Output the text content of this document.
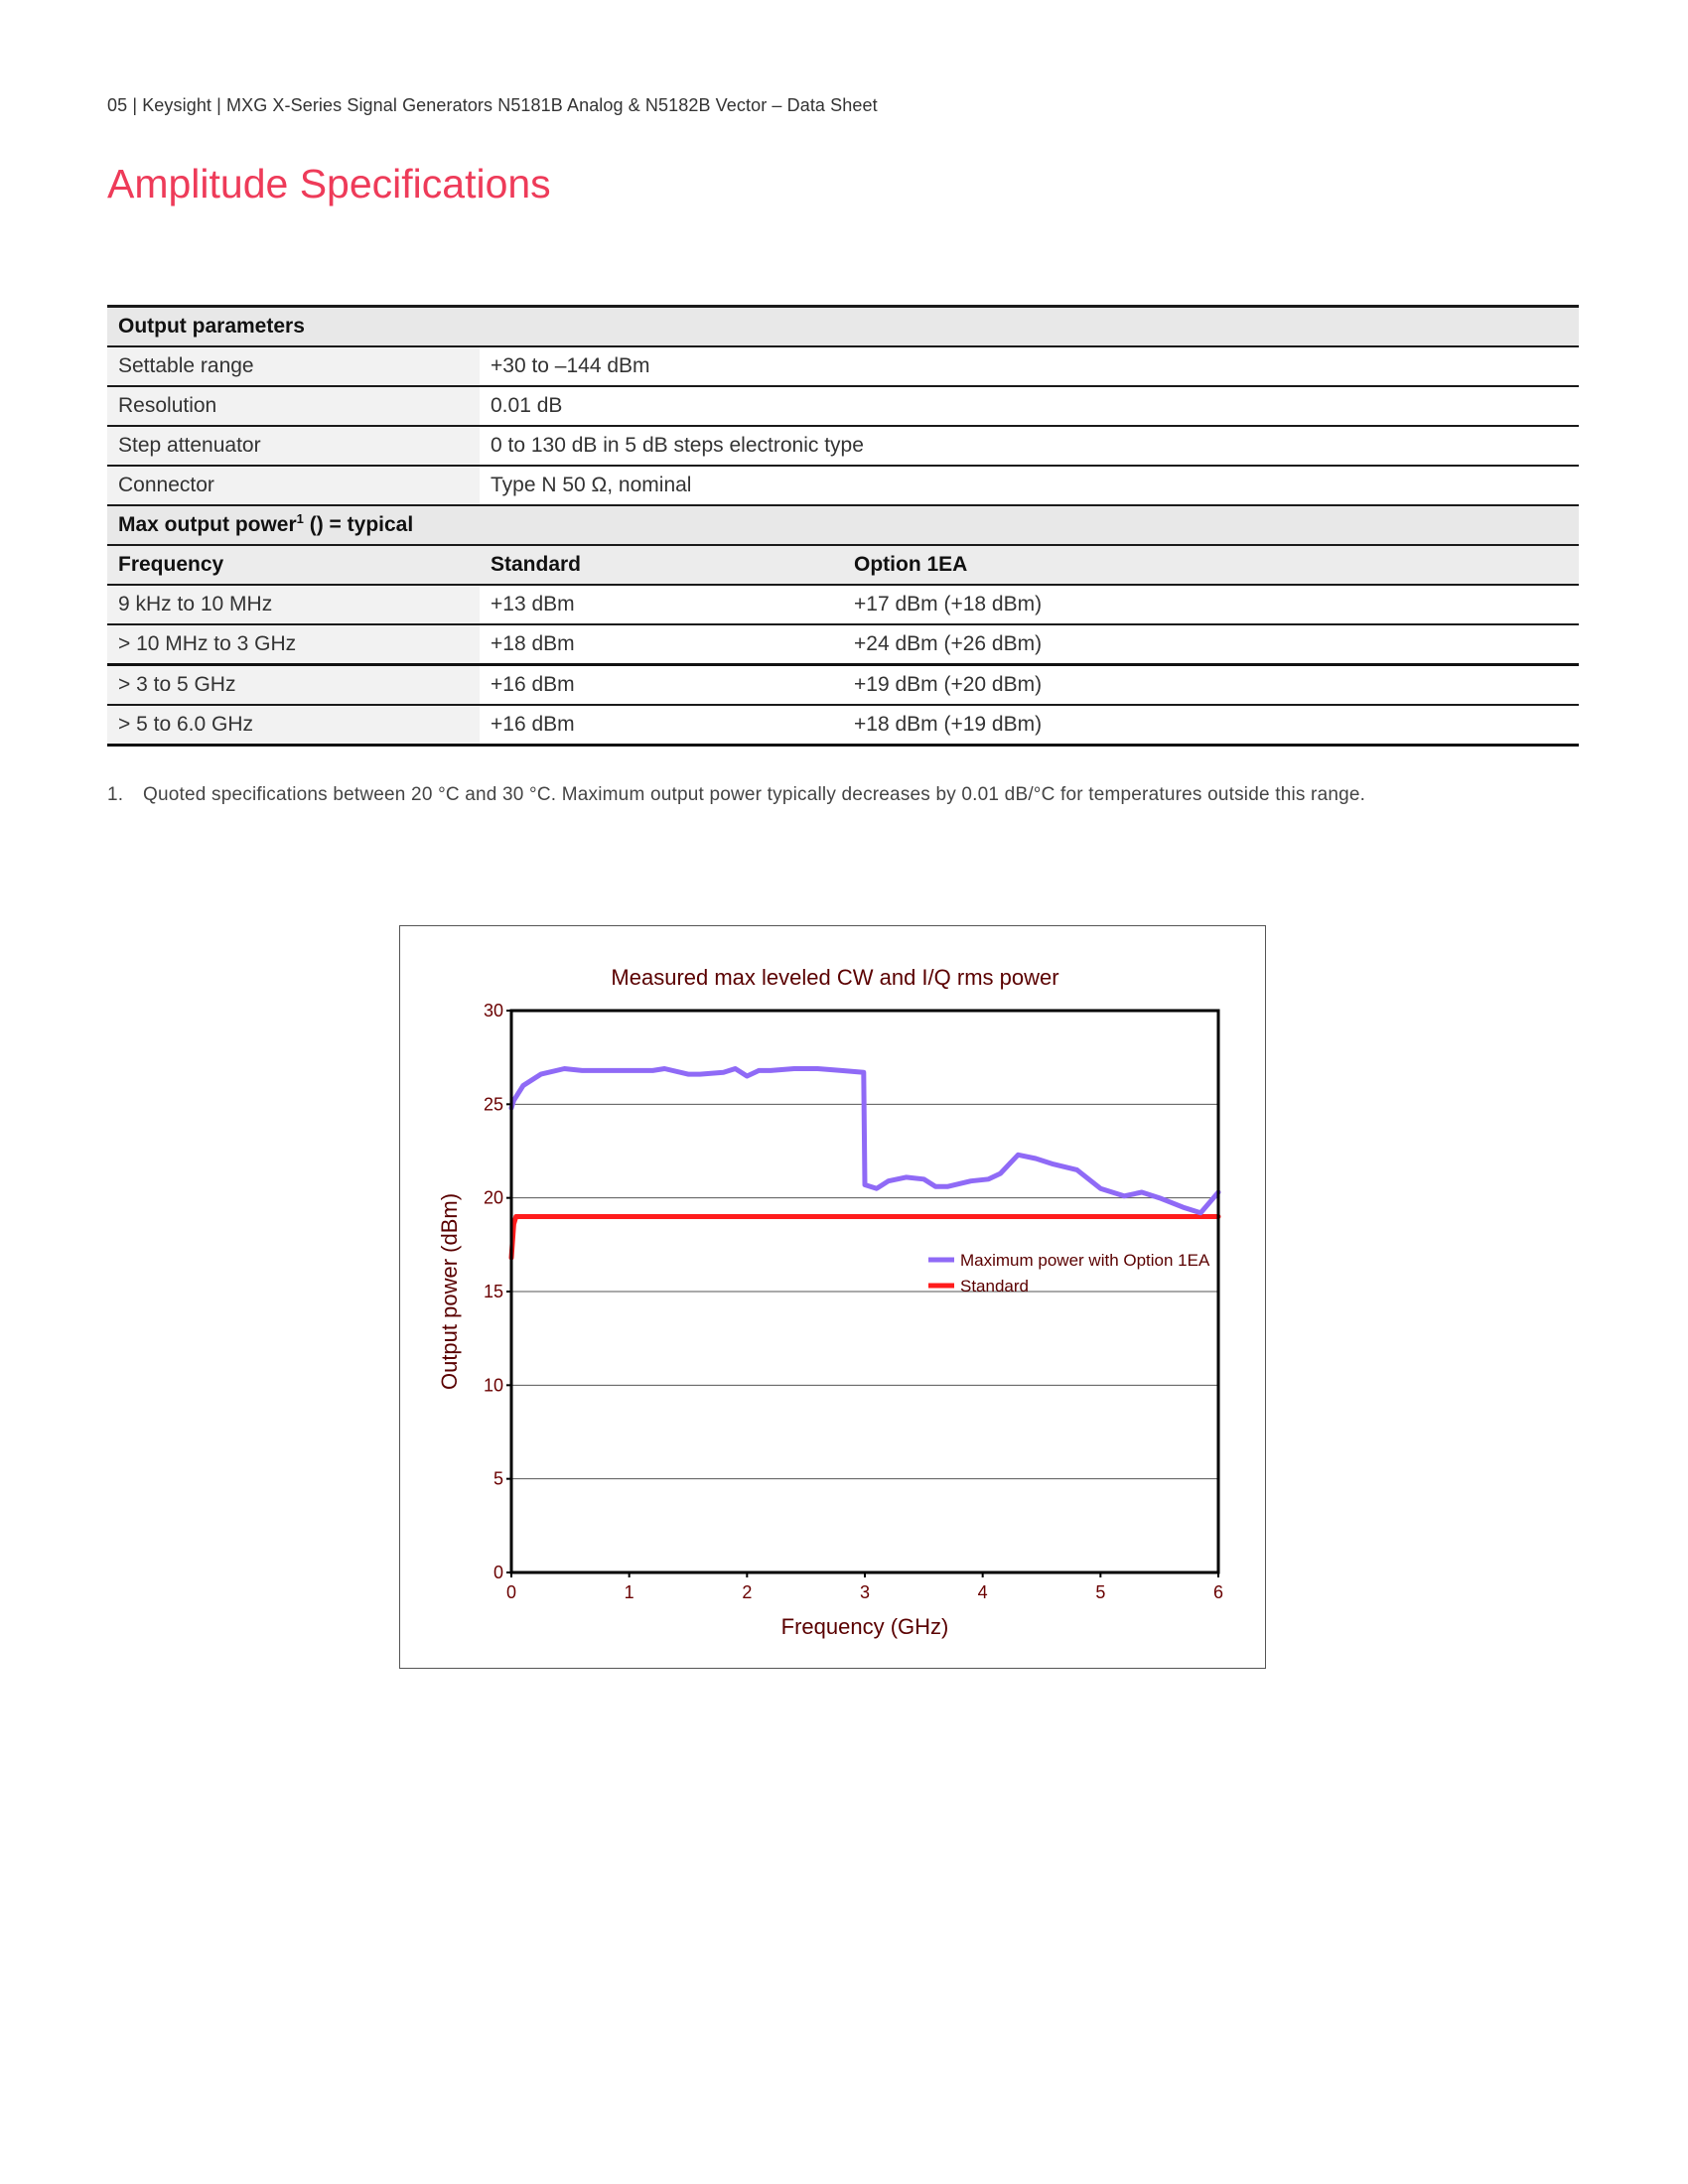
05 | Keysight | MXG X-Series Signal Generators N5181B Analog & N5182B Vector – Data Sheet
Amplitude Specifications
Output parameters		
Settable range	+30 to –144 dBm	
Resolution	0.01 dB	
Step attenuator	0 to 130 dB in 5 dB steps electronic type	
Connector	Type N 50 Ω, nominal	
Max output power$^1$ () = typical		
Frequency	Standard	Option 1EA
9 kHz to 10 MHz	+13 dBm	+17 dBm (+18 dBm)
> 10 MHz to 3 GHz	+18 dBm	+24 dBm (+26 dBm)
> 3 to 5 GHz	+16 dBm	+19 dBm (+20 dBm)
> 5 to 6.0 GHz	+16 dBm	+18 dBm (+19 dBm)
1. Quoted specifications between 20 °C and 30 °C. Maximum output power typically decreases by 0.01 dB/°C for temperatures outside this range.
Measured max leveled CW and I/Q rms power
0
5
10
15
20
25
30
0	1	2	3	4	5	6
Frequency (GHz)
Output power (dBm)	Maximum power with Option 1EA
Standard
